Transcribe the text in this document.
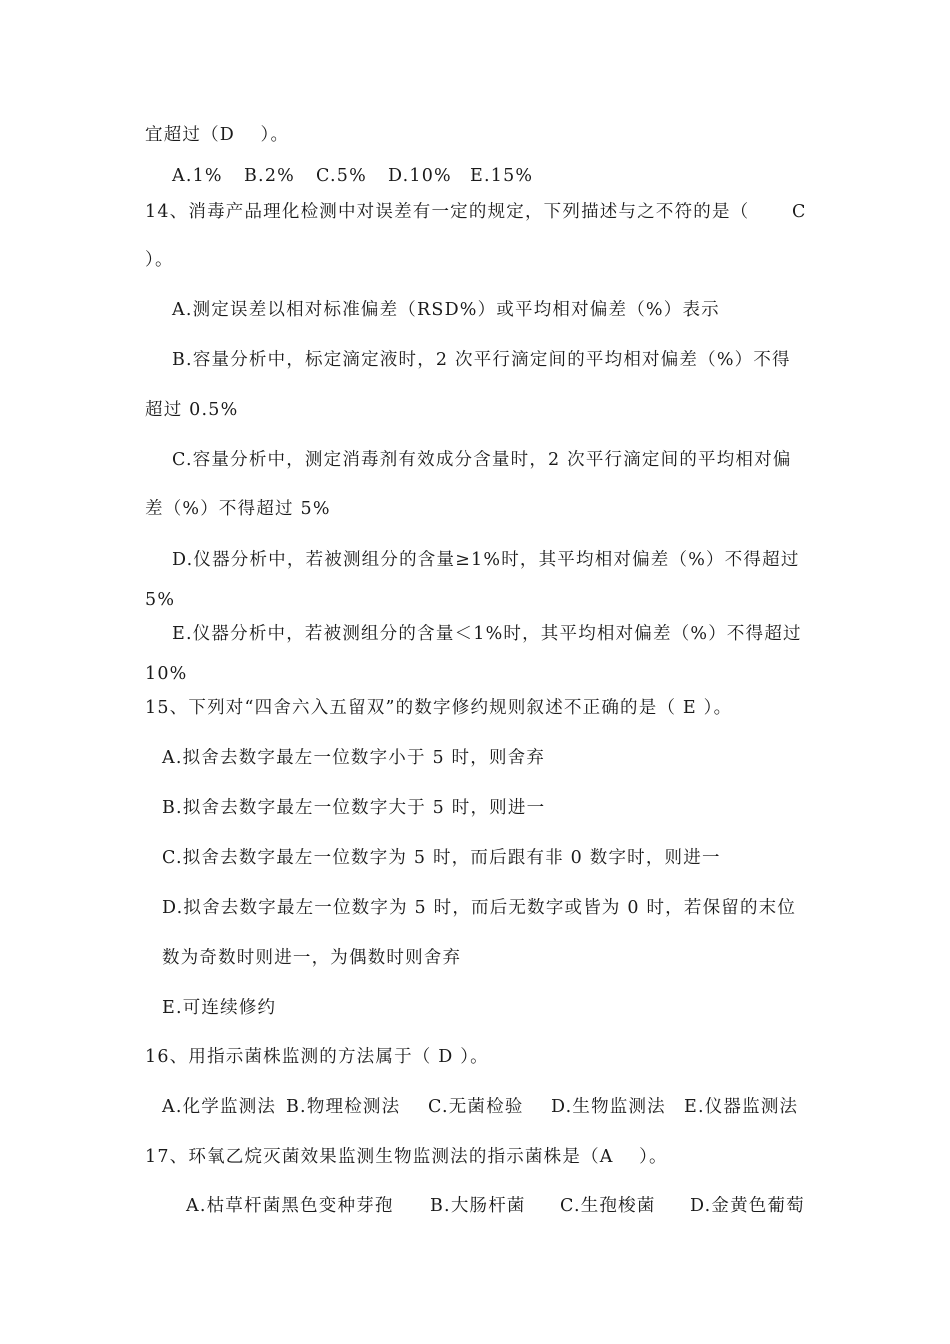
宜超过（D　 ）。
A.1% B.2% C.5% D.10% E.15%
14、消毒产品理化检测中对误差有一定的规定，下列描述与之不符的是（ C
）。
A.测定误差以相对标准偏差（RSD%）或平均相对偏差（%）表示
B.容量分析中，标定滴定液时，2 次平行滴定间的平均相对偏差（%）不得
超过 0.5%
C.容量分析中，测定消毒剂有效成分含量时，2 次平行滴定间的平均相对偏
差（%）不得超过 5%
D.仪器分析中，若被测组分的含量≥1%时，其平均相对偏差（%）不得超过
5%
E.仪器分析中，若被测组分的含量＜1%时，其平均相对偏差（%）不得超过
10%
15、下列对“四舍六入五留双”的数字修约规则叙述不正确的是（ E ）。
A.拟舍去数字最左一位数字小于 5 时，则舍弃
B.拟舍去数字最左一位数字大于 5 时，则进一
C.拟舍去数字最左一位数字为 5 时，而后跟有非 0 数字时，则进一
D.拟舍去数字最左一位数字为 5 时，而后无数字或皆为 0 时，若保留的末位
数为奇数时则进一，为偶数时则舍弃
E.可连续修约
16、用指示菌株监测的方法属于（ D ）。
A.化学监测法 B.物理检测法 C.无菌检验 D.生物监测法 E.仪器监测法
17、环氧乙烷灭菌效果监测生物监测法的指示菌株是（A 　）。
A.枯草杆菌黑色变种芽孢 B.大肠杆菌 C.生孢梭菌 D.金黄色葡萄
